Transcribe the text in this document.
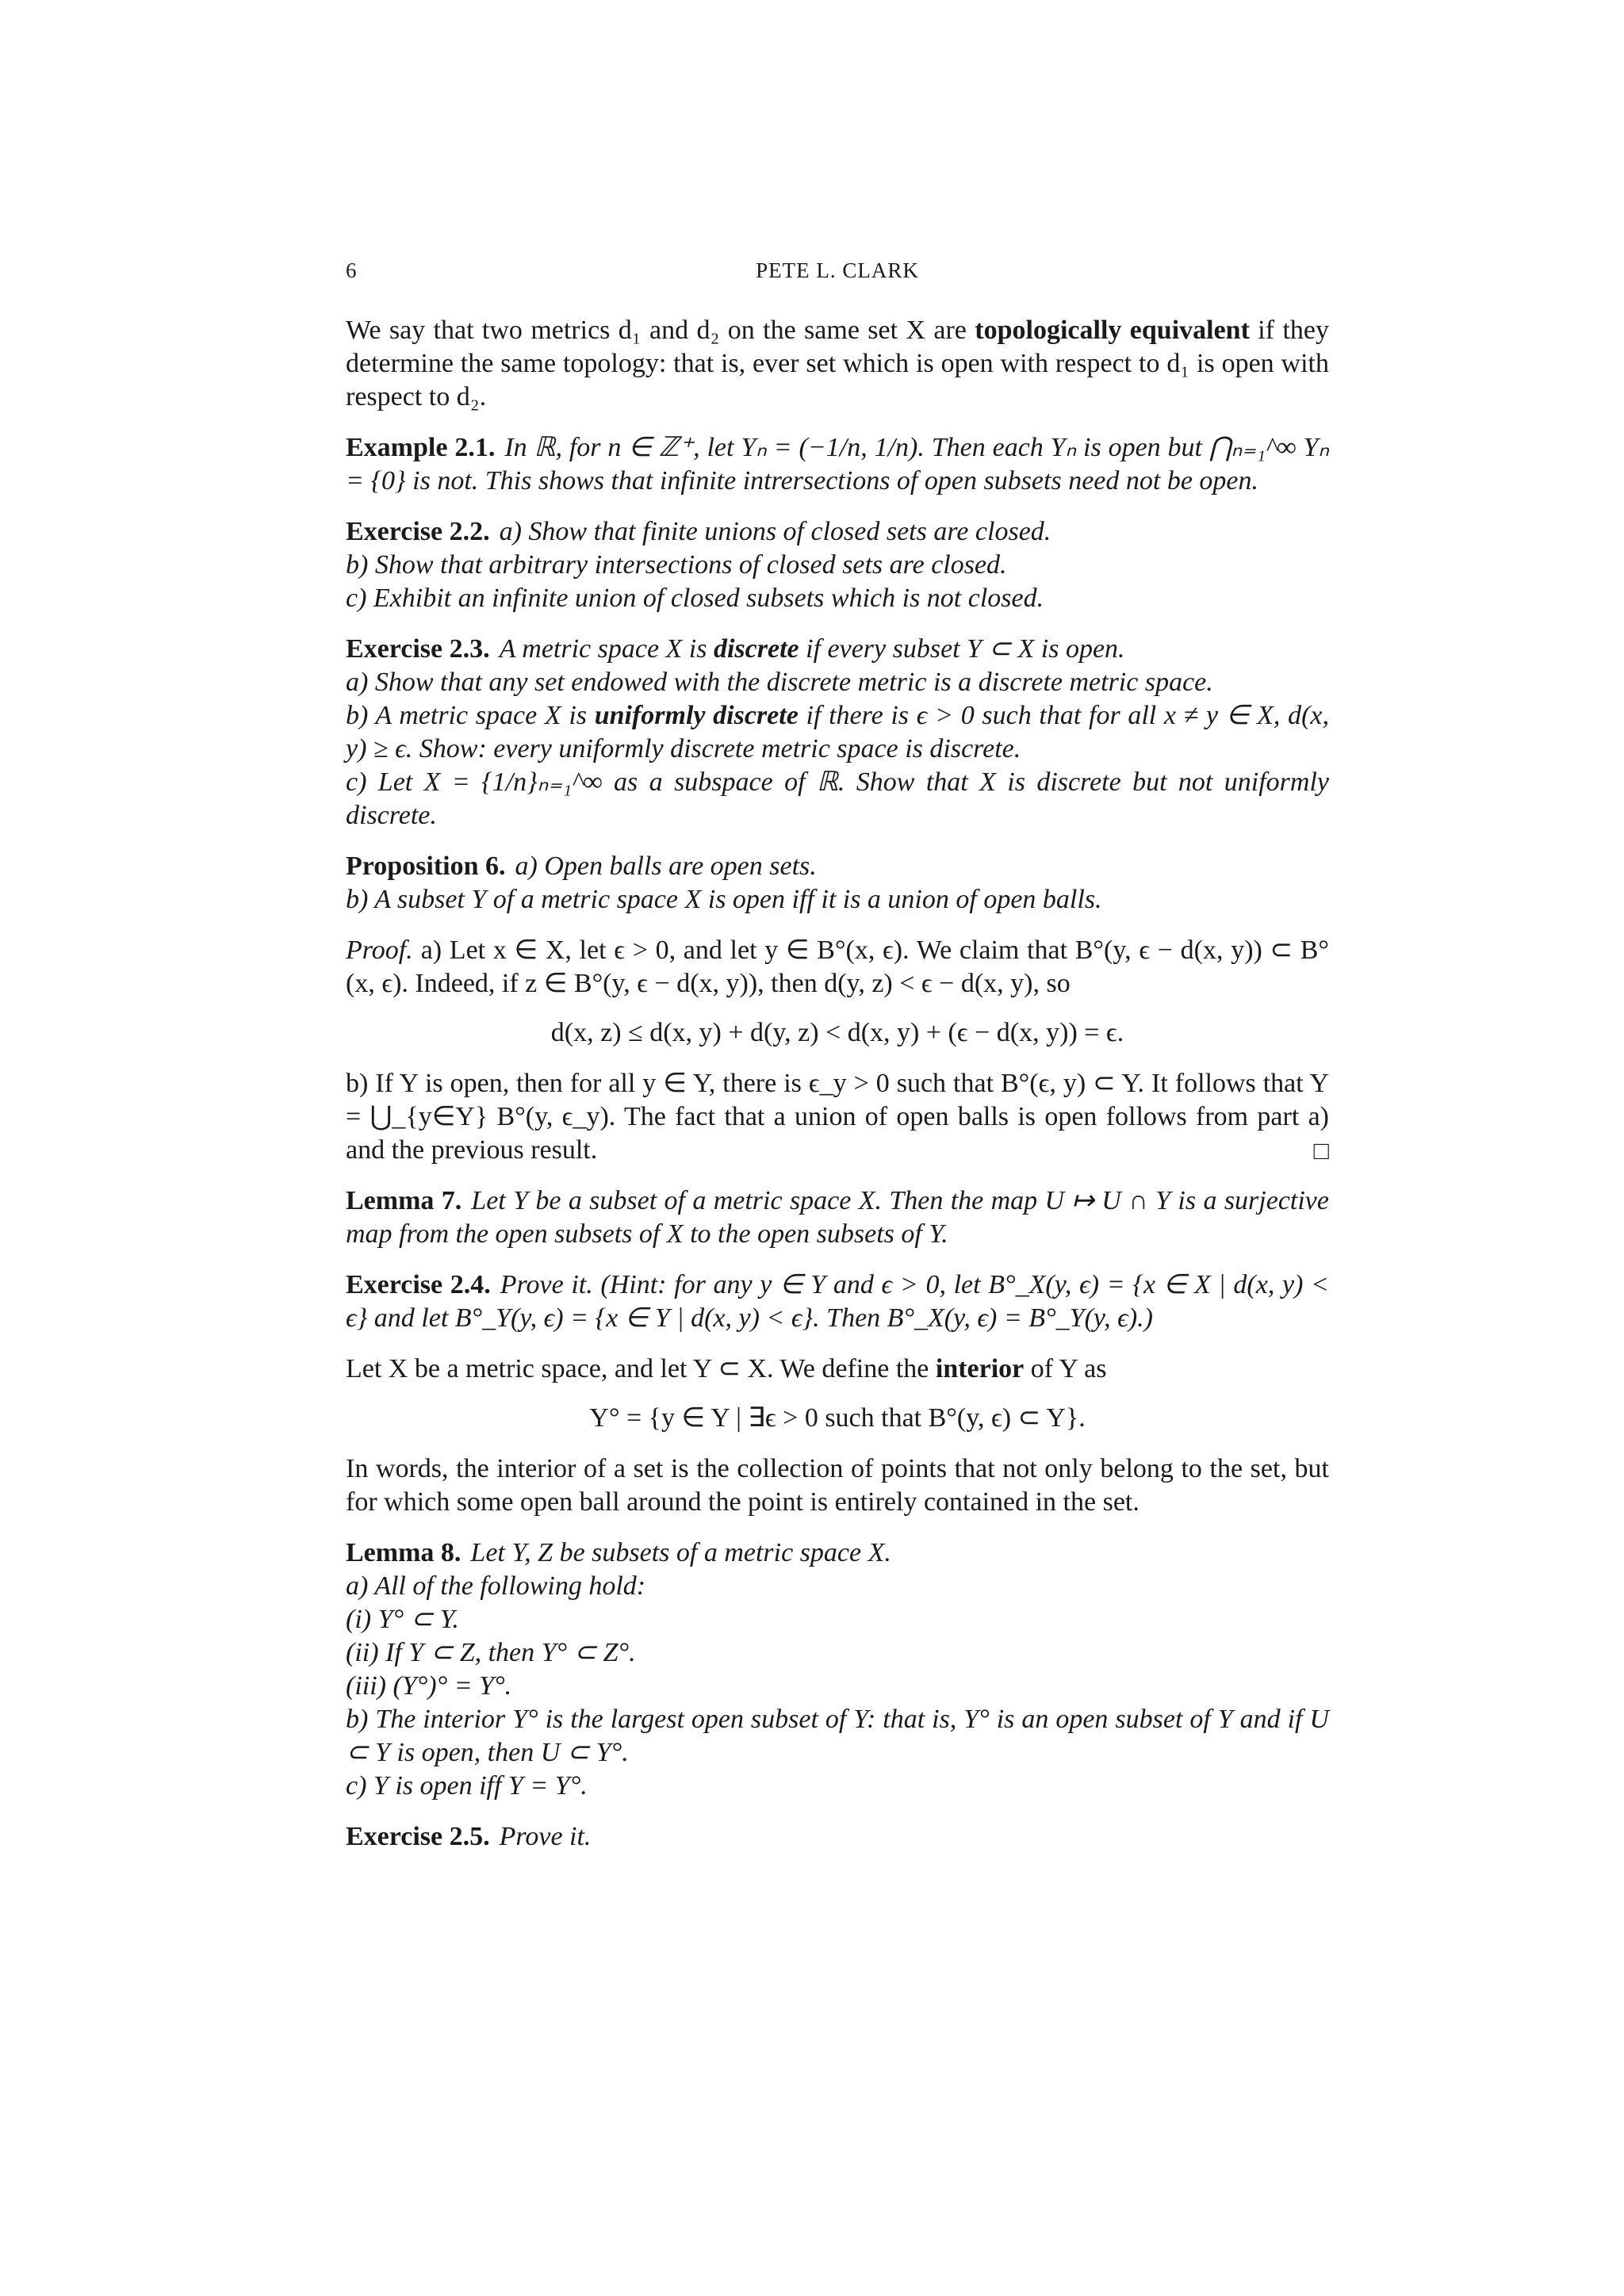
6	PETE L. CLARK

We say that two metrics d₁ and d₂ on the same set X are topologically equivalent if they determine the same topology: that is, ever set which is open with respect to d₁ is open with respect to d₂.

Example 2.1. In ℝ, for n ∈ ℤ⁺, let Yₙ = (−1/n, 1/n). Then each Yₙ is open but ⋂ₙ₌₁^∞ Yₙ = {0} is not. This shows that infinite intrersections of open subsets need not be open.

Exercise 2.2. a) Show that finite unions of closed sets are closed.
b) Show that arbitrary intersections of closed sets are closed.
c) Exhibit an infinite union of closed subsets which is not closed.
Exercise 2.3. A metric space X is discrete if every subset Y ⊂ X is open.
a) Show that any set endowed with the discrete metric is a discrete metric space.
b) A metric space X is uniformly discrete if there is ϵ > 0 such that for all x ≠ y ∈ X, d(x, y) ≥ ϵ. Show: every uniformly discrete metric space is discrete.
c) Let X = {1/n}ₙ₌₁^∞ as a subspace of ℝ. Show that X is discrete but not uniformly discrete.
Proposition 6. a) Open balls are open sets.
b) A subset Y of a metric space X is open iff it is a union of open balls.

Proof. a) Let x ∈ X, let ϵ > 0, and let y ∈ B°(x, ϵ). We claim that B°(y, ϵ − d(x, y)) ⊂ B°(x, ϵ). Indeed, if z ∈ B°(y, ϵ − d(x, y)), then d(y, z) < ϵ − d(x, y), so

d(x, z) ≤ d(x, y) + d(y, z) < d(x, y) + (ϵ − d(x, y)) = ϵ.

b) If Y is open, then for all y ∈ Y, there is ϵ_y > 0 such that B°(ϵ, y) ⊂ Y. It follows that Y = ⋃_{y∈Y} B°(y, ϵ_y). The fact that a union of open balls is open follows from part a) and the previous result.	□

Lemma 7. Let Y be a subset of a metric space X. Then the map U ↦ U ∩ Y is a surjective map from the open subsets of X to the open subsets of Y.

Exercise 2.4. Prove it. (Hint: for any y ∈ Y and ϵ > 0, let B°_X(y, ϵ) = {x ∈ X | d(x, y) < ϵ} and let B°_Y(y, ϵ) = {x ∈ Y | d(x, y) < ϵ}. Then B°_X(y, ϵ) = B°_Y(y, ϵ).)

Let X be a metric space, and let Y ⊂ X. We define the interior of Y as

Y° = {y ∈ Y | ∃ϵ > 0 such that B°(y, ϵ) ⊂ Y}.

In words, the interior of a set is the collection of points that not only belong to the set, but for which some open ball around the point is entirely contained in the set.

Lemma 8. Let Y, Z be subsets of a metric space X.
a) All of the following hold:
(i) Y° ⊂ Y.
(ii) If Y ⊂ Z, then Y° ⊂ Z°.
(iii) (Y°)° = Y°.
b) The interior Y° is the largest open subset of Y: that is, Y° is an open subset of Y and if U ⊂ Y is open, then U ⊂ Y°.
c) Y is open iff Y = Y°.

Exercise 2.5. Prove it.
